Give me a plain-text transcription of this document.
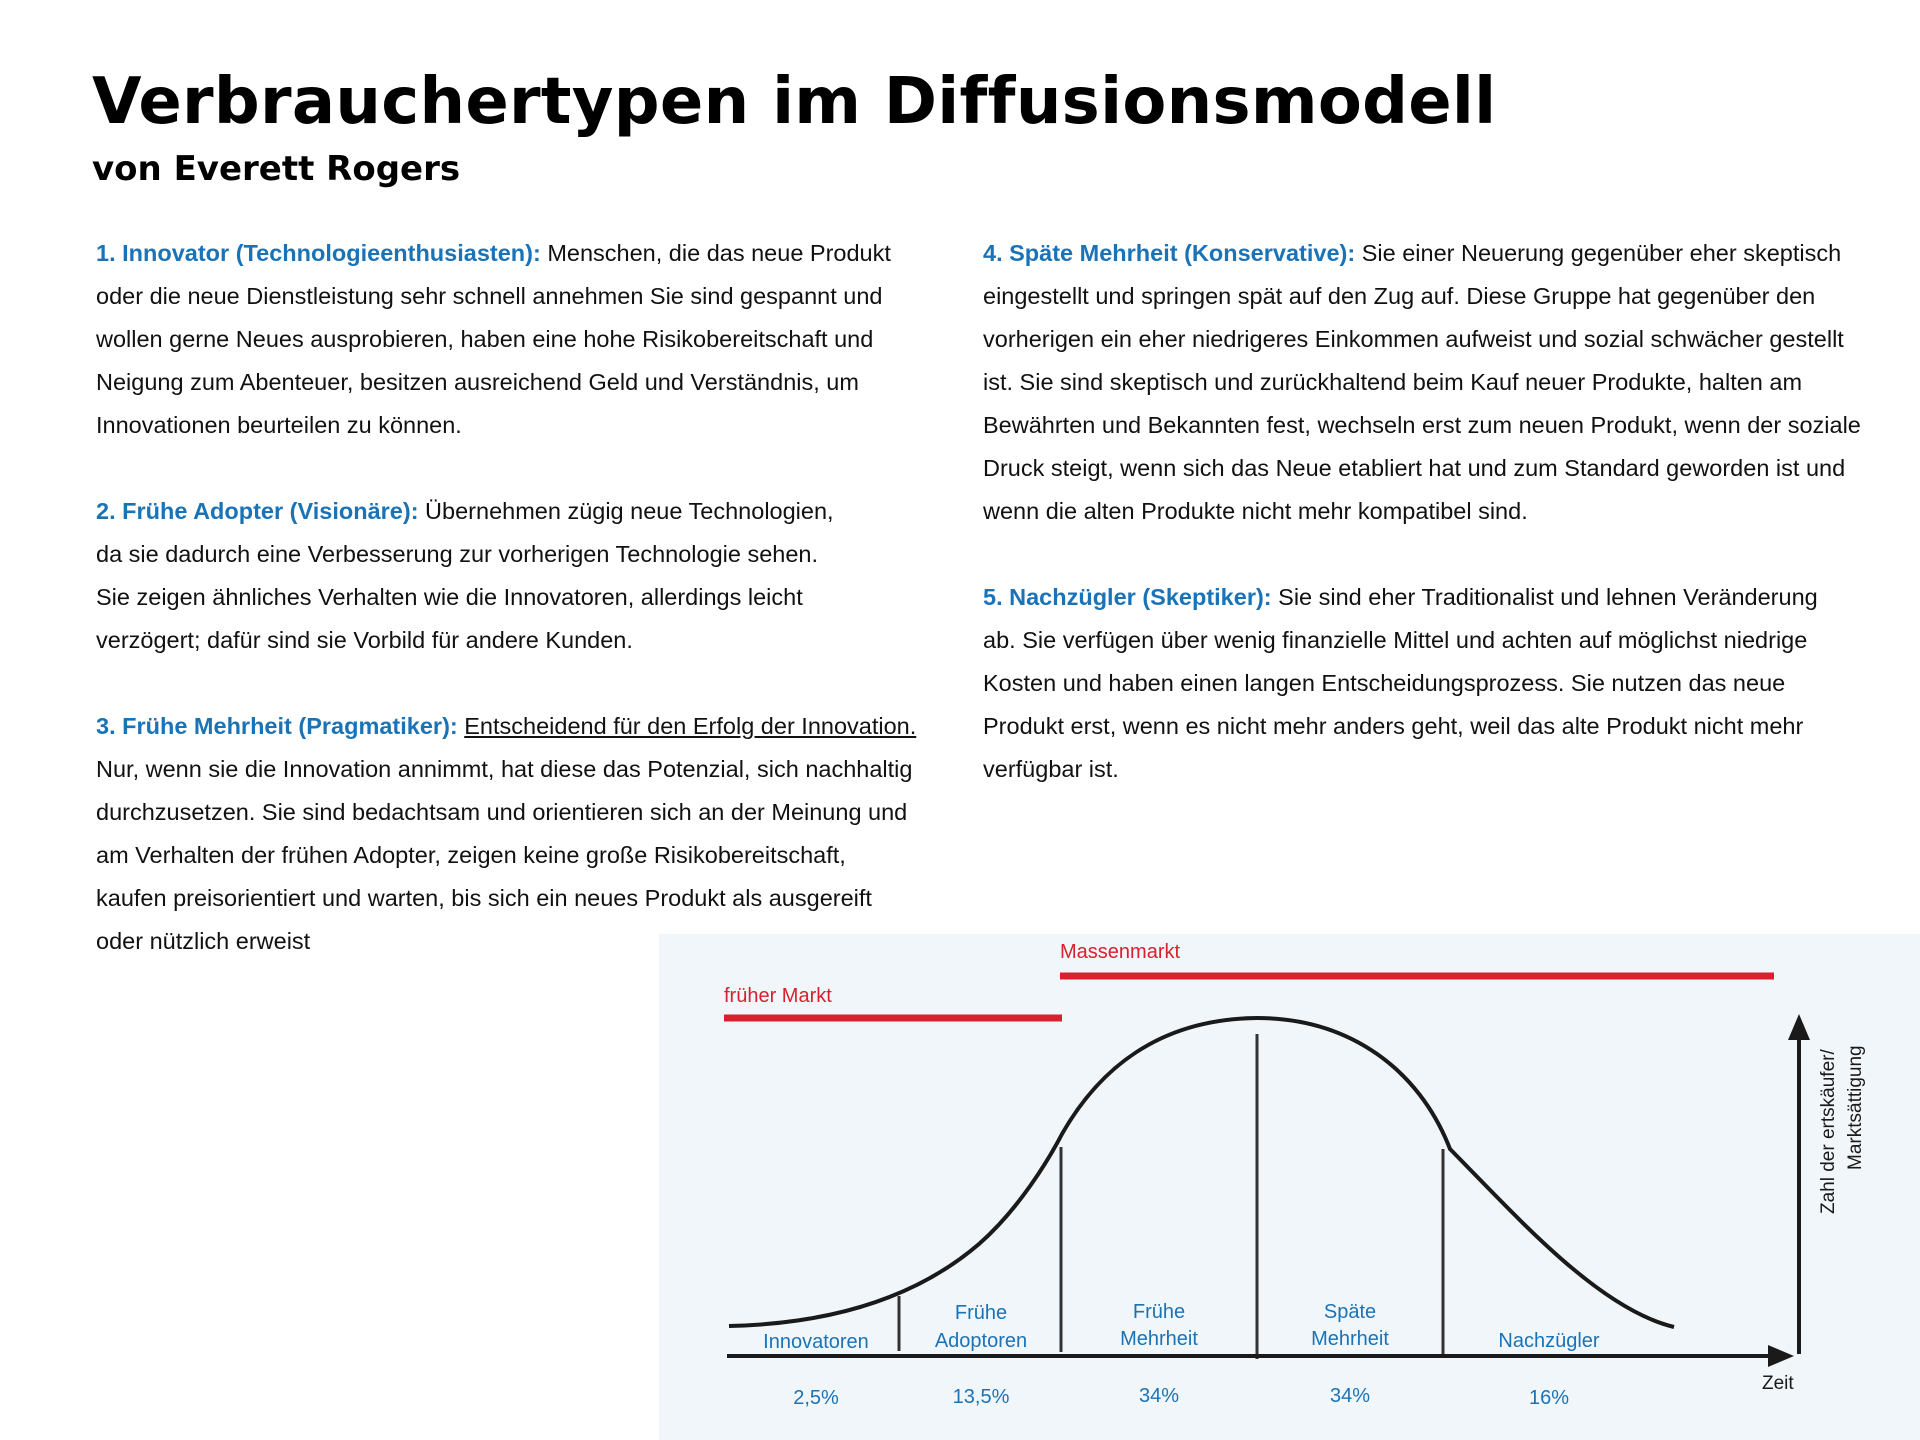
Verbrauchertypen im Diffusionsmodell
von Everett Rogers

1. Innovator (Technologieenthusiasten): Menschen, die das neue Produkt
oder die neue Dienstleistung sehr schnell annehmen Sie sind gespannt und
wollen gerne Neues ausprobieren, haben eine hohe Risikobereitschaft und
Neigung zum Abenteuer, besitzen ausreichend Geld und Verständnis, um
Innovationen beurteilen zu können.

2. Frühe Adopter (Visionäre): Übernehmen zügig neue Technologien,
da sie dadurch eine Verbesserung zur vorherigen Technologie sehen.
Sie zeigen ähnliches Verhalten wie die Innovatoren, allerdings leicht
verzögert; dafür sind sie Vorbild für andere Kunden.

3. Frühe Mehrheit (Pragmatiker): Entscheidend für den Erfolg der Innovation.
Nur, wenn sie die Innovation annimmt, hat diese das Potenzial, sich nachhaltig
durchzusetzen. Sie sind bedachtsam und orientieren sich an der Meinung und
am Verhalten der frühen Adopter, zeigen keine große Risikobereitschaft,
kaufen preisorientiert und warten, bis sich ein neues Produkt als ausgereift
oder nützlich erweist

4. Späte Mehrheit (Konservative): Sie einer Neuerung gegenüber eher skeptisch
eingestellt und springen spät auf den Zug auf. Diese Gruppe hat gegenüber den
vorherigen ein eher niedrigeres Einkommen aufweist und sozial schwächer gestellt
ist. Sie sind skeptisch und zurückhaltend beim Kauf neuer Produkte, halten am
Bewährten und Bekannten fest, wechseln erst zum neuen Produkt, wenn der soziale
Druck steigt, wenn sich das Neue etabliert hat und zum Standard geworden ist und
wenn die alten Produkte nicht mehr kompatibel sind.

5. Nachzügler (Skeptiker): Sie sind eher Traditionalist und lehnen Veränderung
ab. Sie verfügen über wenig finanzielle Mittel und achten auf möglichst niedrige
Kosten und haben einen langen Entscheidungsprozess. Sie nutzen das neue
Produkt erst, wenn es nicht mehr anders geht, weil das alte Produkt nicht mehr
verfügbar ist.

früher Markt
Massenmarkt
Zeit
Zahl der ertskäufer/ Marktsättigung
Innovatoren
Frühe
Adoptoren
Frühe
Mehrheit
Späte
Mehrheit	Nachzügler
2,5%	13,5%	34%	34%	16%
